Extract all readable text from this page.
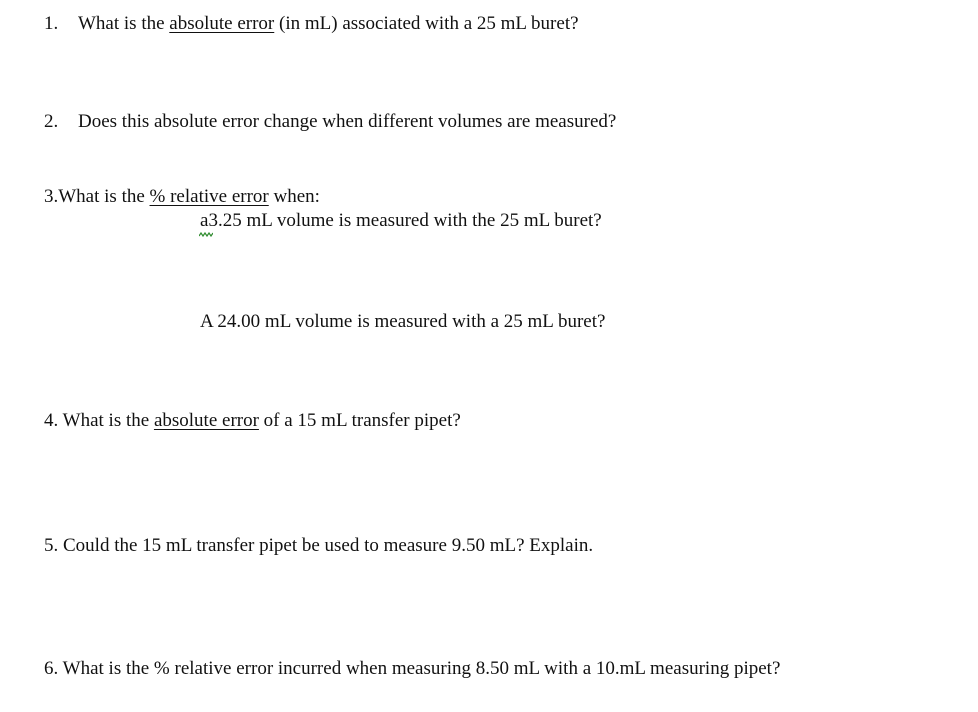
1. What is the absolute error (in mL) associated with a 25 mL buret?
2. Does this absolute error change when different volumes are measured?
3.What is the % relative error when:
a
3.25 mL volume is measured with the 25 mL buret?
A 24.00 mL volume is measured with a 25 mL buret?
4. What is the absolute error of a 15 mL transfer pipet?
5. Could the 15 mL transfer pipet be used to measure 9.50 mL? Explain.
6. What is the % relative error incurred when measuring 8.50 mL with a 10.mL measuring pipet?
